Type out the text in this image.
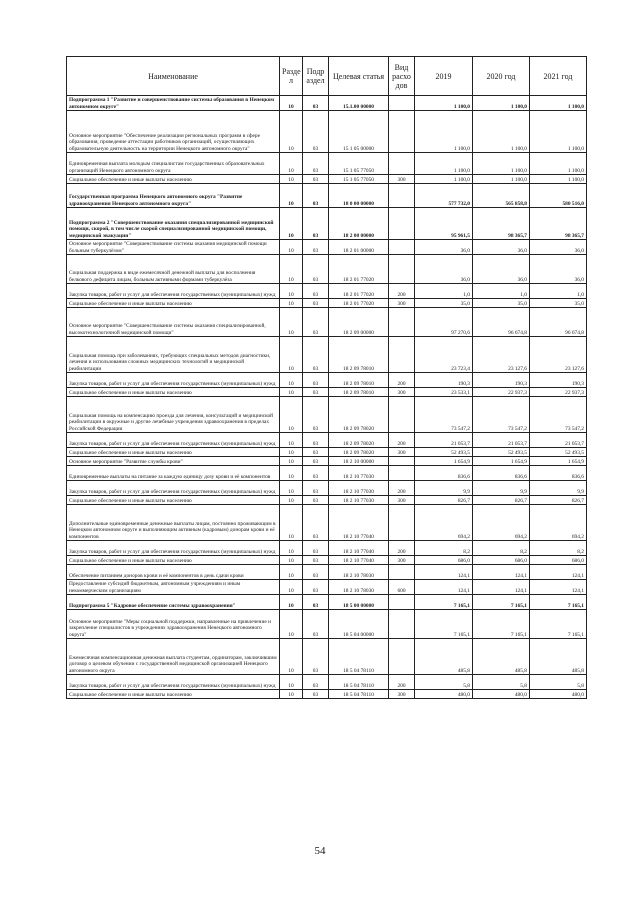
Наименование	Разде л	Подр аздел	Целевая статья	Вид расхо дов	2019	2020 год	2021 год
Подпрограмма 1 "Развитие и совершенствование системы образования в Ненецком автономном округе"	10	03	15.1.00 00000		1 100,0	1 100,0	1 100,0
Основное мероприятие "Обеспечение реализации региональных программ в сфере образования, проведение аттестации работников организаций, осуществляющих образовательную деятельность на территории Ненецкого автономного округа"	10	03	15 1 05 00000		1 100,0	1 100,0	1 100,0
Единовременная выплата молодым специалистам государственных образовательных организаций Ненецкого автономного округа	10	03	15 1 05 77050		1 100,0	1 100,0	1 100,0
Социальное обеспечение и иные выплаты населению	10	03	15 1 05 77050	300	1 100,0	1 100,0	1 100,0
Государственная программа Ненецкого автономного округа "Развитие здравоохранения Ненецкого автономного округа"	10	03	18 0 00 00000		577 732,0	565 858,8	580 516,0
Подпрограмма 2 "Совершенствование оказания специализированной медицинской помощи, скорой, в том числе скорой специализированной медицинской помощи, медицинской эвакуации"	10	03	18 2 00 00000		95 961,5	98 365,7	98 365,7
Основное мероприятие "Совершенствование системы оказания медицинской помощи больным туберкулёзом"	10	03	18 2 01 00000		36,0	36,0	36,0
Социальная поддержка в виде ежемесячной денежной выплаты для восполнения белкового дефицита лицам, больным активными формами туберкулёза	10	03	18 2 01 77020		36,0	36,0	36,0
Закупка товаров, работ и услуг для обеспечения государственных (муниципальных) нужд	10	03	18 2 01 77020	200	1,0	1,0	1,0
Социальное обеспечение и иные выплаты населению	10	03	18 2 01 77020	300	35,0	35,0	35,0
Основное мероприятие "Совершенствование системы оказания специализированной, высокотехнологичной медицинской помощи"	10	03	18 2 09 00000		97 270,6	96 674,8	96 674,8
Социальная помощь при заболеваниях, требующих специальных методов диагностики, лечения и использования сложных медицинских технологий и медицинской реабилитации	10	03	18 2 09 78010		23 723,4	23 127,6	23 127,6
Закупка товаров, работ и услуг для обеспечения государственных (муниципальных) нужд	10	03	18 2 09 78010	200	190,3	190,3	190,3
Социальное обеспечение и иные выплаты населению	10	03	18 2 09 78010	300	23 533,1	22 937,3	22 937,3
Социальная помощь на компенсацию проезда для лечения, консультаций и медицинской реабилитации в окружные и другие лечебные учреждения здравоохранения в пределах Российской Федерации	10	03	18 2 09 78020		73 547,2	73 547,2	73 547,2
Закупка товаров, работ и услуг для обеспечения государственных (муниципальных) нужд	10	03	18 2 09 78020	200	21 053,7	21 053,7	21 053,7
Социальное обеспечение и иные выплаты населению	10	03	18 2 09 78020	300	52 493,5	52 493,5	52 493,5
Основное мероприятие "Развитие службы крови"	10	03	18 2 10 00000		1 654,9	1 654,9	1 654,9
Единовременные выплаты на питание за каждую единицу дозу крови и её компонентов	10	03	18 2 10 77030		836,6	836,6	836,6
Закупка товаров, работ и услуг для обеспечения государственных (муниципальных) нужд	10	03	18 2 10 77030	200	9,9	9,9	9,9
Социальное обеспечение и иные выплаты населению	10	03	18 2 10 77030	300	826,7	826,7	826,7
Дополнительные единовременные денежные выплаты лицам, постоянно проживающим в Ненецком автономном округе и выполняющим активным (кадровым) донорам крови и её компонентов	10	03	18 2 10 77040		694,2	694,2	694,2
Закупка товаров, работ и услуг для обеспечения государственных (муниципальных) нужд	10	03	18 2 10 77040	200	8,2	8,2	8,2
Социальное обеспечение и иные выплаты населению	10	03	18 2 10 77040	300	686,0	686,0	686,0
Обеспечение питанием доноров крови и её компонентов в день сдачи крови	10	03	18 2 10 78030		124,1	124,1	124,1
Предоставление субсидий бюджетным, автономным учреждениям и иным некоммерческим организациям	10	03	18 2 10 78030	600	124,1	124,1	124,1
Подпрограмма 5 "Кадровое обеспечение системы здравоохранения"	10	03	18 5 00 00000		7 165,1	7 165,1	7 165,1
Основное мероприятие "Меры социальной поддержки, направленные на привлечение и закрепление специалистов в учреждениях здравоохранения Ненецкого автономного округа"	10	03	18 5 04 00000		7 165,1	7 165,1	7 165,1
Ежемесячная компенсационная денежная выплата студентам, ординаторам, заключившим договор о целевом обучении с государственной медицинской организацией Ненецкого автономного округа	10	03	18 5 04 78110		485,8	485,8	485,8
Закупка товаров, работ и услуг для обеспечения государственных (муниципальных) нужд	10	03	18 5 04 78110	200	5,8	5,8	5,8
Социальное обеспечение и иные выплаты населению	10	03	18 5 04 78110	300	480,0	480,0	480,0
54
